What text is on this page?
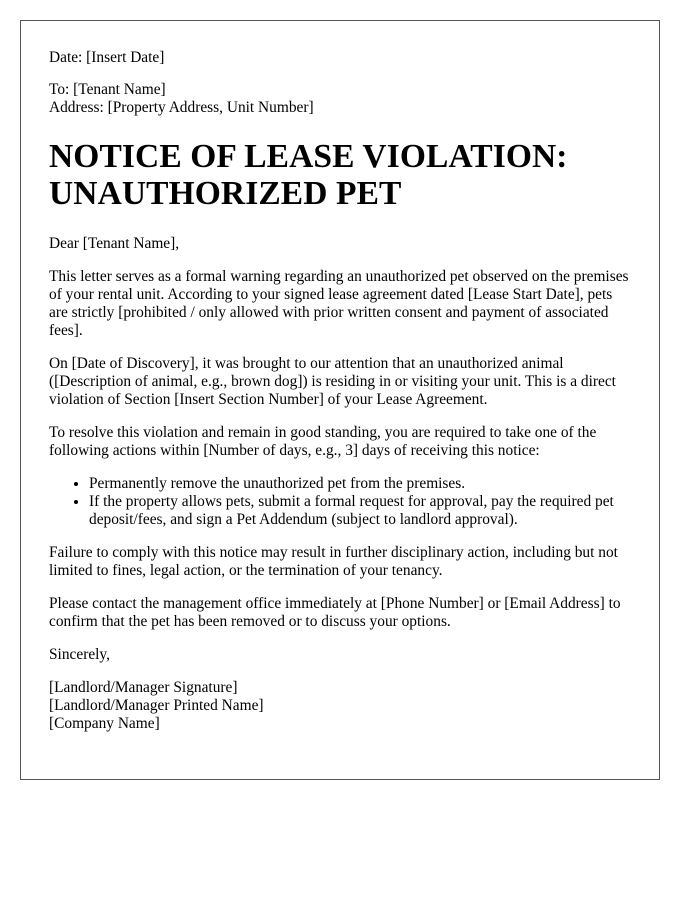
Date: [Insert Date]
To: [Tenant Name]
Address: [Property Address, Unit Number]
NOTICE OF LEASE VIOLATION:
UNAUTHORIZED PET

Dear [Tenant Name],

This letter serves as a formal warning regarding an unauthorized pet observed on the premises of your rental unit. According to your signed lease agreement dated [Lease Start Date], pets are strictly [prohibited / only allowed with prior written consent and payment of associated fees].

On [Date of Discovery], it was brought to our attention that an unauthorized animal ([Description of animal, e.g., brown dog]) is residing in or visiting your unit. This is a direct violation of Section [Insert Section Number] of your Lease Agreement.

To resolve this violation and remain in good standing, you are required to take one of the following actions within [Number of days, e.g., 3] days of receiving this notice:

• Permanently remove the unauthorized pet from the premises.
• If the property allows pets, submit a formal request for approval, pay the required pet deposit/fees, and sign a Pet Addendum (subject to landlord approval).

Failure to comply with this notice may result in further disciplinary action, including but not limited to fines, legal action, or the termination of your tenancy.

Please contact the management office immediately at [Phone Number] or [Email Address] to confirm that the pet has been removed or to discuss your options.

Sincerely,

[Landlord/Manager Signature]
[Landlord/Manager Printed Name]
[Company Name]
